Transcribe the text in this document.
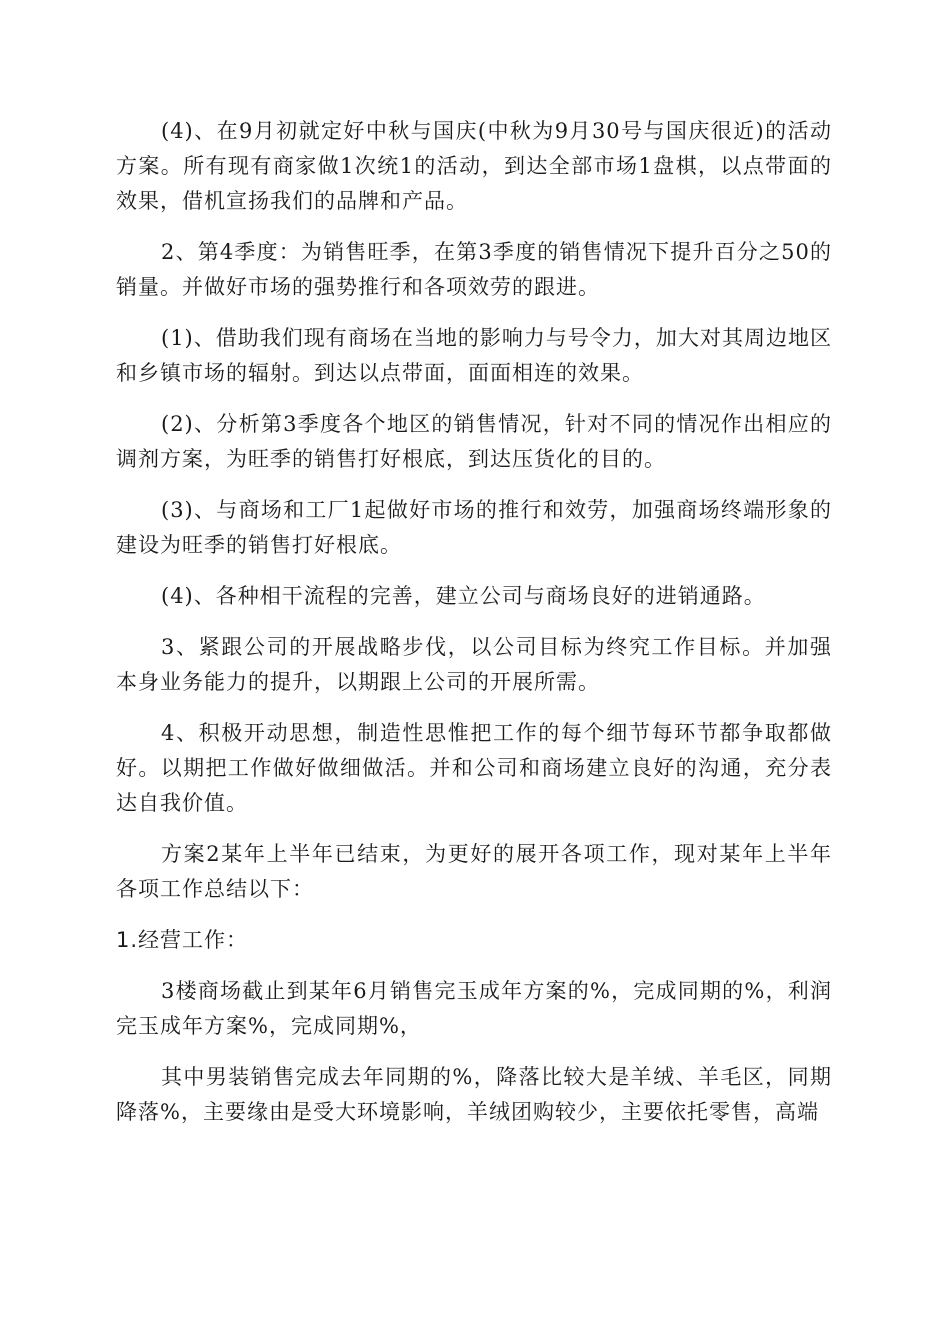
(4)、在9月初就定好中秋与国庆(中秋为9月30号与国庆很近)的活动方案。所有现有商家做1次统1的活动，到达全部市场1盘棋，以点带面的效果，借机宣扬我们的品牌和产品。

2、第4季度：为销售旺季，在第3季度的销售情况下提升百分之50的销量。并做好市场的强势推行和各项效劳的跟进。

(1)、借助我们现有商场在当地的影响力与号令力，加大对其周边地区和乡镇市场的辐射。到达以点带面，面面相连的效果。

(2)、分析第3季度各个地区的销售情况，针对不同的情况作出相应的调剂方案，为旺季的销售打好根底，到达压货化的目的。

(3)、与商场和工厂1起做好市场的推行和效劳，加强商场终端形象的建设为旺季的销售打好根底。

(4)、各种相干流程的完善，建立公司与商场良好的进销通路。

3、紧跟公司的开展战略步伐，以公司目标为终究工作目标。并加强本身业务能力的提升，以期跟上公司的开展所需。

4、积极开动思想，制造性思惟把工作的每个细节每环节都争取都做好。以期把工作做好做细做活。并和公司和商场建立良好的沟通，充分表达自我价值。

方案2某年上半年已结束，为更好的展开各项工作，现对某年上半年各项工作总结以下：

1.经营工作：

3楼商场截止到某年6月销售完玉成年方案的%，完成同期的%，利润完玉成年方案%，完成同期%，

其中男装销售完成去年同期的%，降落比较大是羊绒、羊毛区，同期降落%，主要缘由是受大环境影响，羊绒团购较少，主要依托零售，高端
